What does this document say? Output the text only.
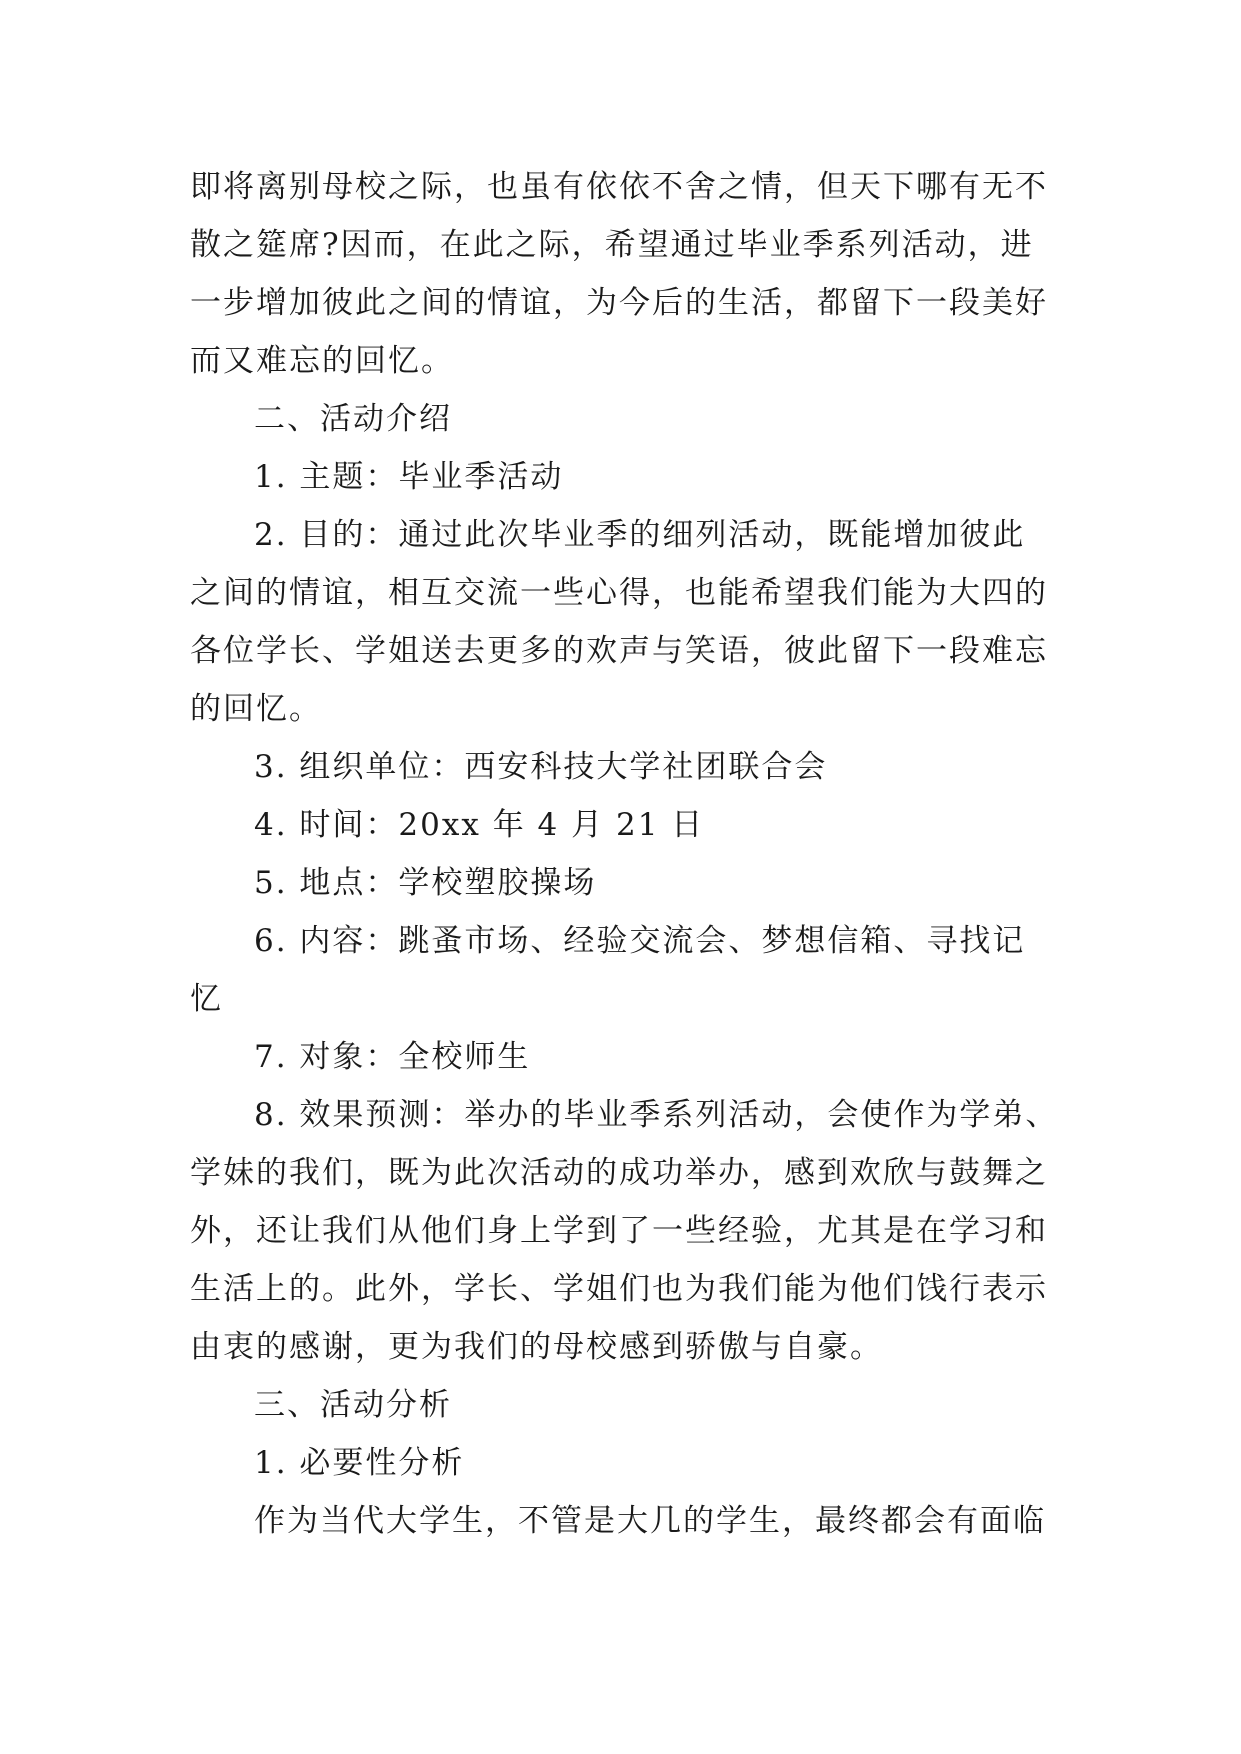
即将离别母校之际，也虽有依依不舍之情，但天下哪有无不

散之筵席?因而，在此之际，希望通过毕业季系列活动，进

一步增加彼此之间的情谊，为今后的生活，都留下一段美好

而又难忘的回忆。

二、活动介绍

1. 主题：毕业季活动

2. 目的：通过此次毕业季的细列活动，既能增加彼此

之间的情谊，相互交流一些心得，也能希望我们能为大四的

各位学长、学姐送去更多的欢声与笑语，彼此留下一段难忘

的回忆。

3. 组织单位：西安科技大学社团联合会

4. 时间：20xx 年 4 月 21 日

5. 地点：学校塑胶操场

6. 内容：跳蚤市场、经验交流会、梦想信箱、寻找记

忆

7. 对象：全校师生

8. 效果预测：举办的毕业季系列活动，会使作为学弟、

学妹的我们，既为此次活动的成功举办，感到欢欣与鼓舞之

外，还让我们从他们身上学到了一些经验，尤其是在学习和

生活上的。此外，学长、学姐们也为我们能为他们饯行表示

由衷的感谢，更为我们的母校感到骄傲与自豪。

三、活动分析

1. 必要性分析

作为当代大学生，不管是大几的学生，最终都会有面临
